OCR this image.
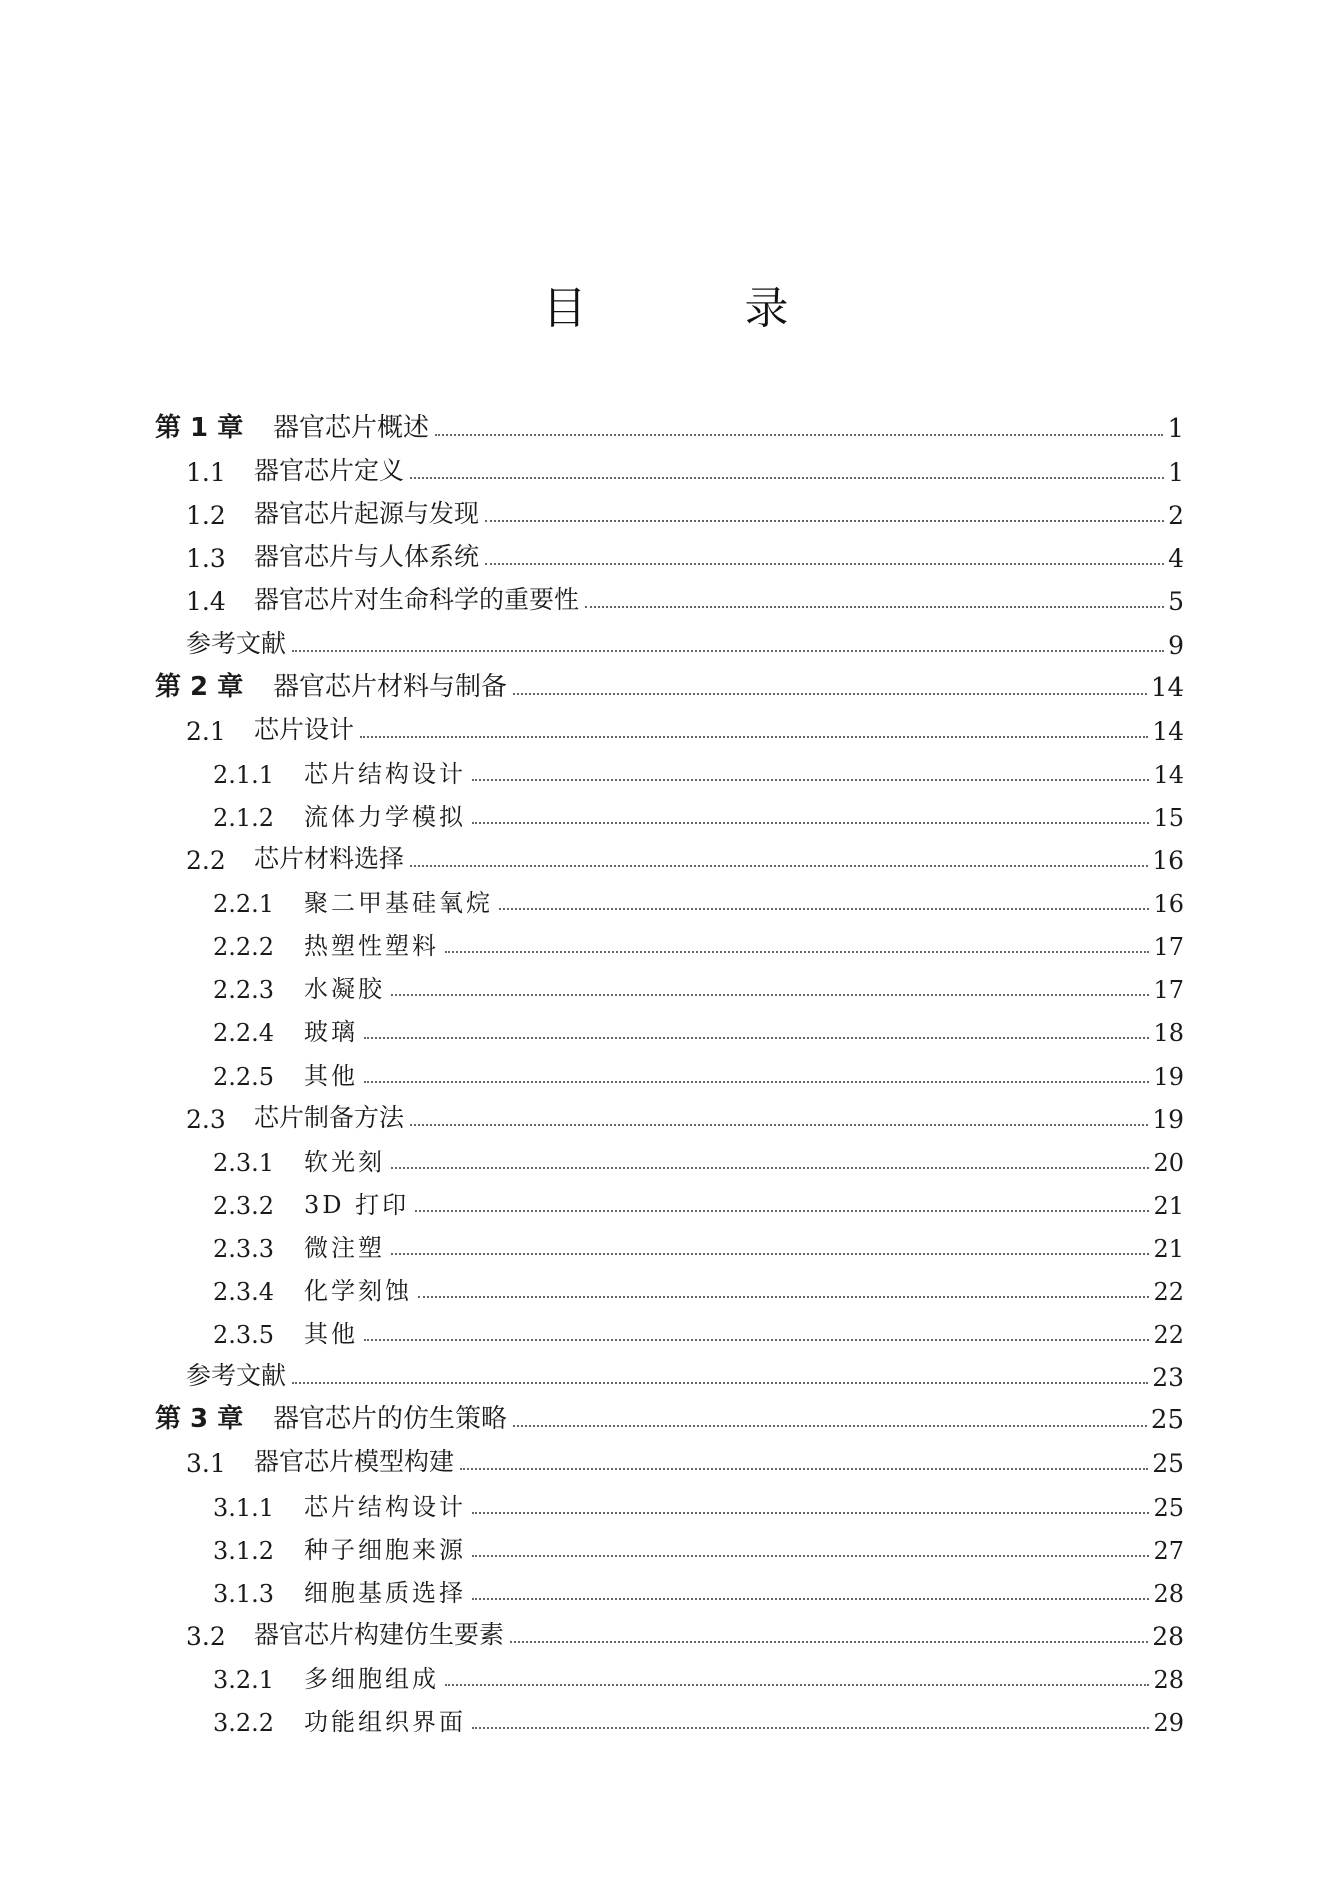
目 录
第 1 章	器官芯片概述	1
1.1	器官芯片定义	1
1.2	器官芯片起源与发现	2
1.3	器官芯片与人体系统	4
1.4	器官芯片对生命科学的重要性	5
参考文献	9
第 2 章	器官芯片材料与制备	14
2.1	芯片设计	14
2.1.1	芯片结构设计	14
2.1.2	流体力学模拟	15
2.2	芯片材料选择	16
2.2.1	聚二甲基硅氧烷	16
2.2.2	热塑性塑料	17
2.2.3	水凝胶	17
2.2.4	玻璃	18
2.2.5	其他	19
2.3	芯片制备方法	19
2.3.1	软光刻	20
2.3.2	3D 打印	21
2.3.3	微注塑	21
2.3.4	化学刻蚀	22
2.3.5	其他	22
参考文献	23
第 3 章	器官芯片的仿生策略	25
3.1	器官芯片模型构建	25
3.1.1	芯片结构设计	25
3.1.2	种子细胞来源	27
3.1.3	细胞基质选择	28
3.2	器官芯片构建仿生要素	28
3.2.1	多细胞组成	28
3.2.2	功能组织界面	29
